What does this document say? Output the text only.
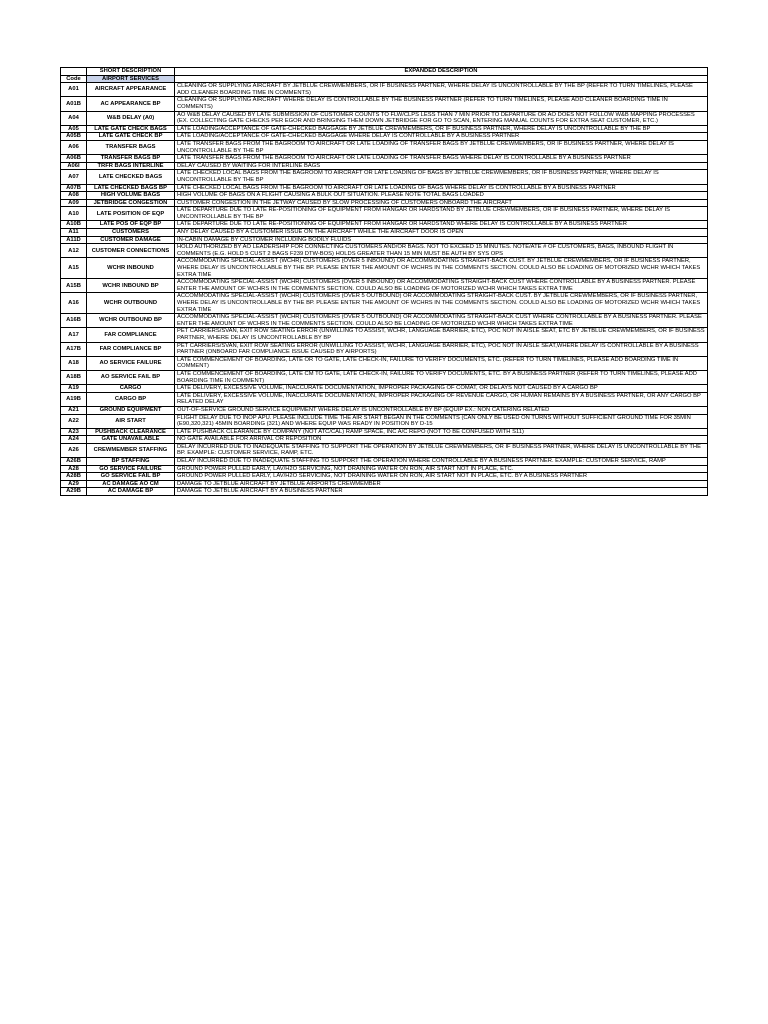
	SHORT DESCRIPTION	EXPANDED DESCRIPTION
Code	AIRPORT SERVICES	
A01	AIRCRAFT APPEARANCE	CLEANING OR SUPPLYING AIRCRAFT BY JETBLUE CREWMEMBERS, OR IF BUSINESS PARTNER, WHERE DELAY IS UNCONTROLLABLE BY THE BP (REFER TO TURN TIMELINES, PLEASE ADD CLEANER BOARDING TIME IN COMMENTS)
A01B	AC APPEARANCE BP	CLEANING OR SUPPLYING AIRCRAFT WHERE DELAY IS CONTROLLABLE BY THE BUSINESS PARTNER (REFER TO TURN TIMELINES, PLEASE ADD CLEANER BOARDING TIME IN COMMENTS)
A04	W&B DELAY (A0)	AO W&B DELAY CAUSED BY LATE SUBMISSION OF CUSTOMER COUNTS TO FLW/CLPS LESS THAN 7 MIN PRIOR TO DEPARTURE OR AO DOES NOT FOLLOW W&B MAPPING PROCESSES (EX. COLLECTING GATE CHECKS PER EGOR AND BRINGING THEM DOWN JETBRIDGE FOR GO TO SCAN, ENTERING MANUAL COUNTS FOR EXTRA SEAT CUSTOMER, ETC.)
A05	LATE GATE CHECK BAGS	LATE LOADING/ACCEPTANCE OF GATE-CHECKED BAGGAGE BY JETBLUE CREWMEMBERS, OR IF BUSINESS PARTNER, WHERE DELAY IS UNCONTROLLABLE BY THE BP
A05B	LATE GATE CHECK BP	LATE LOADING/ACCEPTANCE OF GATE-CHECKED BAGGAGE WHERE DELAY IS CONTROLLABLE BY A BUSINESS PARTNER
A06	TRANSFER BAGS	LATE TRANSFER BAGS FROM THE BAGROOM TO AIRCRAFT OR LATE LOADING OF TRANSFER BAGS BY JETBLUE CREWMEMBERS, OR IF BUSINESS PARTNER, WHERE DELAY IS UNCONTROLLABLE BY THE BP
A06B	TRANSFER BAGS BP	LATE TRANSFER BAGS FROM THE BAGROOM TO AIRCRAFT OR LATE LOADING OF TRANSFER BAGS WHERE DELAY IS CONTROLLABLE BY A BUSINESS PARTNER
A06I	TRFR BAGS INTERLINE	DELAY CAUSED BY WAITING FOR INTERLINE BAGS
A07	LATE CHECKED BAGS	LATE CHECKED LOCAL BAGS FROM THE BAGROOM TO AIRCRAFT OR LATE LOADING OF BAGS BY JETBLUE CREWMEMBERS, OR IF BUSINESS PARTNER, WHERE DELAY IS UNCONTROLLABLE BY THE BP
A07B	LATE CHECKED BAGS BP	LATE CHECKED LOCAL BAGS FROM THE BAGROOM TO AIRCRAFT OR LATE LOADING OF BAGS WHERE DELAY IS CONTROLLABLE BY A BUSINESS PARTNER
A08	HIGH VOLUME BAGS	HIGH VOLUME OF BAGS ON A FLIGHT CAUSING A BULK OUT SITUATION. PLEASE NOTE TOTAL BAGS LOADED
A09	JETBRIDGE CONGESTION	CUSTOMER CONGESTION IN THE JETWAY CAUSED BY SLOW PROCESSING OF CUSTOMERS ONBOARD THE AIRCRAFT
A10	LATE POSITION OF EQP	LATE DEPARTURE DUE TO LATE RE-POSITIONING OF EQUIPMENT FROM HANGAR OR HARDSTAND BY JETBLUE CREWMEMBERS, OR IF BUSINESS PARTNER, WHERE DELAY IS UNCONTROLLABLE BY THE BP
A10B	LATE POS OF EQP BP	LATE DEPARTURE DUE TO LATE RE-POSITIONING OF EQUIPMENT FROM HANGAR OR HARDSTAND WHERE DELAY IS CONTROLLABLE BY A BUSINESS PARTNER
A11	CUSTOMERS	ANY DELAY CAUSED BY A CUSTOMER ISSUE ON THE AIRCRAFT WHILE THE AIRCRAFT DOOR IS OPEN
A11D	CUSTOMER DAMAGE	IN-CABIN DAMAGE BY CUSTOMER INCLUDING BODILY FLUIDS
A12	CUSTOMER CONNECTIONS	HOLD AUTHORIZED BY AO LEADERSHIP FOR CONNECTING CUSTOMERS AND/OR BAGS. NOT TO EXCEED 15 MINUTES. NOTE/ATE # OF CUSTOMERS, BAGS, INBOUND FLIGHT IN COMMENTS (E.G. HOLD 5 CUST 2 BAGS F239 DTW-BOS) HOLDS GREATER THAN 15 MIN MUST BE AUTH BY SYS OPS
A15	WCHR INBOUND	ACCOMMODATING SPECIAL-ASSIST (WCHR) CUSTOMERS (OVER 5 INBOUND) OR ACCOMMODATING STRAIGHT-BACK CUST. BY JETBLUE CREWMEMBERS, OR IF BUSINESS PARTNER, WHERE DELAY IS UNCONTROLLABLE BY THE BP. PLEASE ENTER THE AMOUNT OF WCHRS IN THE COMMENTS SECTION. COULD ALSO BE LOADING OF MOTORIZED WCHR WHICH TAKES EXTRA TIME
A15B	WCHR INBOUND BP	ACCOMMODATING SPECIAL-ASSIST (WCHR) CUSTOMERS (OVER 5 INBOUND) OR ACCOMMODATING STRAIGHT-BACK CUST WHERE CONTROLLABLE BY A BUSINESS PARTNER. PLEASE ENTER THE AMOUNT OF WCHRS IN THE COMMENTS SECTION. COULD ALSO BE LOADING OF MOTORIZED WCHR WHICH TAKES EXTRA TIME
A16	WCHR OUTBOUND	ACCOMMODATING SPECIAL-ASSIST (WCHR) CUSTOMERS (OVER 5 OUTBOUND) OR ACCOMMODATING STRAIGHT-BACK CUST. BY JETBLUE CREWMEMBERS, OR IF BUSINESS PARTNER, WHERE DELAY IS UNCONTROLLABLE BY THE BP. PLEASE ENTER THE AMOUNT OF WCHRS IN THE COMMENTS SECTION. COULD ALSO BE LOADING OF MOTORIZED WCHR WHICH TAKES EXTRA TIME
A16B	WCHR OUTBOUND BP	ACCOMMODATING SPECIAL-ASSIST (WCHR) CUSTOMERS (OVER 5 OUTBOUND) OR ACCOMMODATING STRAIGHT-BACK CUST WHERE CONTROLLABLE BY A BUSINESS PARTNER. PLEASE ENTER THE AMOUNT OF WCHRS IN THE COMMENTS SECTION. COULD ALSO BE LOADING OF MOTORIZED WCHR WHICH TAKES EXTRA TIME
A17	FAR COMPLIANCE	PET CARRIERS/SVAN, EXIT ROW SEATING ERROR (UNWILLING TO ASSIST, WCHR, LANGUAGE BARRIER, ETC), POC NOT IN AISLE SEAT, ETC BY JETBLUE CREWMEMBERS, OR IF BUSINESS PARTNER, WHERE DELAY IS UNCONTROLLABLE BY BP
A17B	FAR COMPLIANCE BP	PET CARRIERS/SVAN, EXIT ROW SEATING ERROR (UNWILLING TO ASSIST, WCHR, LANGUAGE BARRIER, ETC), POC NOT IN AISLE SEAT,WHERE DELAY IS CONTROLLABLE BY A BUSINESS PARTNER (ONBOARD FAR COMPLIANCE ISSUE CAUSED BY AIRPORTS)
A18	AO SERVICE FAILURE	LATE COMMENCEMENT OF BOARDING, LATE OR TO GATE, LATE CHECK-IN, FAILURE TO VERIFY DOCUMENTS, ETC. (REFER TO TURN TIMELINES, PLEASE ADD BOARDING TIME IN COMMENT)
A18B	AO SERVICE FAIL BP	LATE COMMENCEMENT OF BOARDING, LATE CM TO GATE, LATE CHECK-IN, FAILURE TO VERIFY DOCUMENTS, ETC. BY A BUSINESS PARTNER (REFER TO TURN TIMELINES, PLEASE ADD BOARDING TIME IN COMMENT)
A19	CARGO	LATE DELIVERY, EXCESSIVE VOLUME, INACCURATE DOCUMENTATION, IMPROPER PACKAGING OF COMAT, OR DELAYS NOT CAUSED BY A CARGO BP
A19B	CARGO BP	LATE DELIVERY, EXCESSIVE VOLUME, INACCURATE DOCUMENTATION, IMPROPER PACKAGING OF REVENUE CARGO, OR HUMAN REMAINS BY A BUSINESS PARTNER, OR ANY CARGO BP RELATED DELAY
A21	GROUND EQUIPMENT	OUT-OF-SERVICE GROUND SERVICE EQUIPMENT WHERE DELAY IS UNCONTROLLABLE BY BP (EQUIP EX.: NON CATERING RELATED
A22	AIR START	FLIGHT DELAY DUE TO INOP APU. PLEASE INCLUDE TIME THE AIR START BEGAN IN THE COMMENTS (CAN ONLY BE USED ON TURNS WITHOUT SUFFICIENT GROUND TIME FOR 35MIN (E90,320,321) 45MIN BOARDING (321) AND WHERE EQUIP WAS READY IN POSITION BY D-15
A23	PUSHBACK CLEARANCE	LATE PUSHBACK CLEARANCE BY COMPANY (NOT ATC/CAL) RAMP SPACE, INC A/C REPO (NOT TO BE CONFUSED WITH S11)
A24	GATE UNAVAILABLE	NO GATE AVAILABLE FOR ARRIVAL OR REPOSITION
A26	CREWMEMBER STAFFING	DELAY INCURRED DUE TO INADEQUATE STAFFING TO SUPPORT THE OPERATION BY JETBLUE CREWMEMBERS, OR IF BUSINESS PARTNER, WHERE DELAY IS UNCONTROLLABLE BY THE BP. EXAMPLE: CUSTOMER SERVICE, RAMP, ETC.
A26B	BP STAFFING	DELAY INCURRED DUE TO INADEQUATE STAFFING TO SUPPORT THE OPERATION WHERE CONTROLLABLE BY A BUSINESS PARTNER. EXAMPLE: CUSTOMER SERVICE, RAMP
A28	GO SERVICE FAILURE	GROUND POWER PULLED EARLY, LAV/H2O SERVICING, NOT DRAINING WATER ON RON, AIR START NOT IN PLACE, ETC.
A28B	GO SERVICE FAIL BP	GROUND POWER PULLED EARLY, LAV/H2O SERVICING, NOT DRAINING WATER ON RON, AIR START NOT IN PLACE, ETC. BY A BUSINESS PARTNER
A29	AC DAMAGE AO CM	DAMAGE TO JETBLUE AIRCRAFT BY JETBLUE AIRPORTS CREWMEMBER
A29B	AC DAMAGE BP	DAMAGE TO JETBLUE AIRCRAFT BY A BUSINESS PARTNER
